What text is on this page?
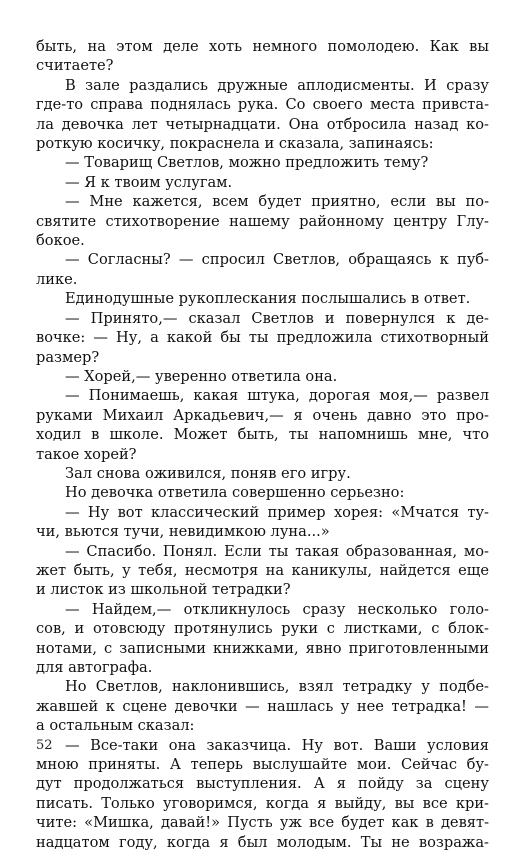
быть, на этом деле хоть немного помолодею. Как вы
считаете?
В зале раздались дружные аплодисменты. И сразу
где-то справа поднялась рука. Со своего места привста-
ла девочка лет четырнадцати. Она отбросила назад ко-
роткую косичку, покраснела и сказала, запинаясь:
— Товарищ Светлов, можно предложить тему?
— Я к твоим услугам.
— Мне кажется, всем будет приятно, если вы по-
святите стихотворение нашему районному центру Глу-
бокое.
— Согласны? — спросил Светлов, обращаясь к пуб-
лике.
Единодушные рукоплескания послышались в ответ.
— Принято,— сказал Светлов и повернулся к де-
вочке: — Ну, а какой бы ты предложила стихотворный
размер?
— Хорей,— уверенно ответила она.
— Понимаешь, какая штука, дорогая моя,— развел
руками Михаил Аркадьевич,— я очень давно это про-
ходил в школе. Может быть, ты напомнишь мне, что
такое хорей?
Зал снова оживился, поняв его игру.
Но девочка ответила совершенно серьезно:
— Ну вот классический пример хорея: «Мчатся ту-
чи, вьются тучи, невидимкою луна...»
— Спасибо. Понял. Если ты такая образованная, мо-
жет быть, у тебя, несмотря на каникулы, найдется еще
и листок из школьной тетрадки?
— Найдем,— откликнулось сразу несколько голо-
сов, и отовсюду протянулись руки с листками, с блок-
нотами, с записными книжками, явно приготовленными
для автографа.
Но Светлов, наклонившись, взял тетрадку у подбе-
жавшей к сцене девочки — нашлась у нее тетрадка! —
а остальным сказал:
— Все-таки она заказчица. Ну вот. Ваши условия
мною приняты. А теперь выслушайте мои. Сейчас бу-
дут продолжаться выступления. А я пойду за сцену
писать. Только уговоримся, когда я выйду, вы все кри-
чите: «Мишка, давай!» Пусть уж все будет как в девят-
надцатом году, когда я был молодым. Ты не возража-
52
